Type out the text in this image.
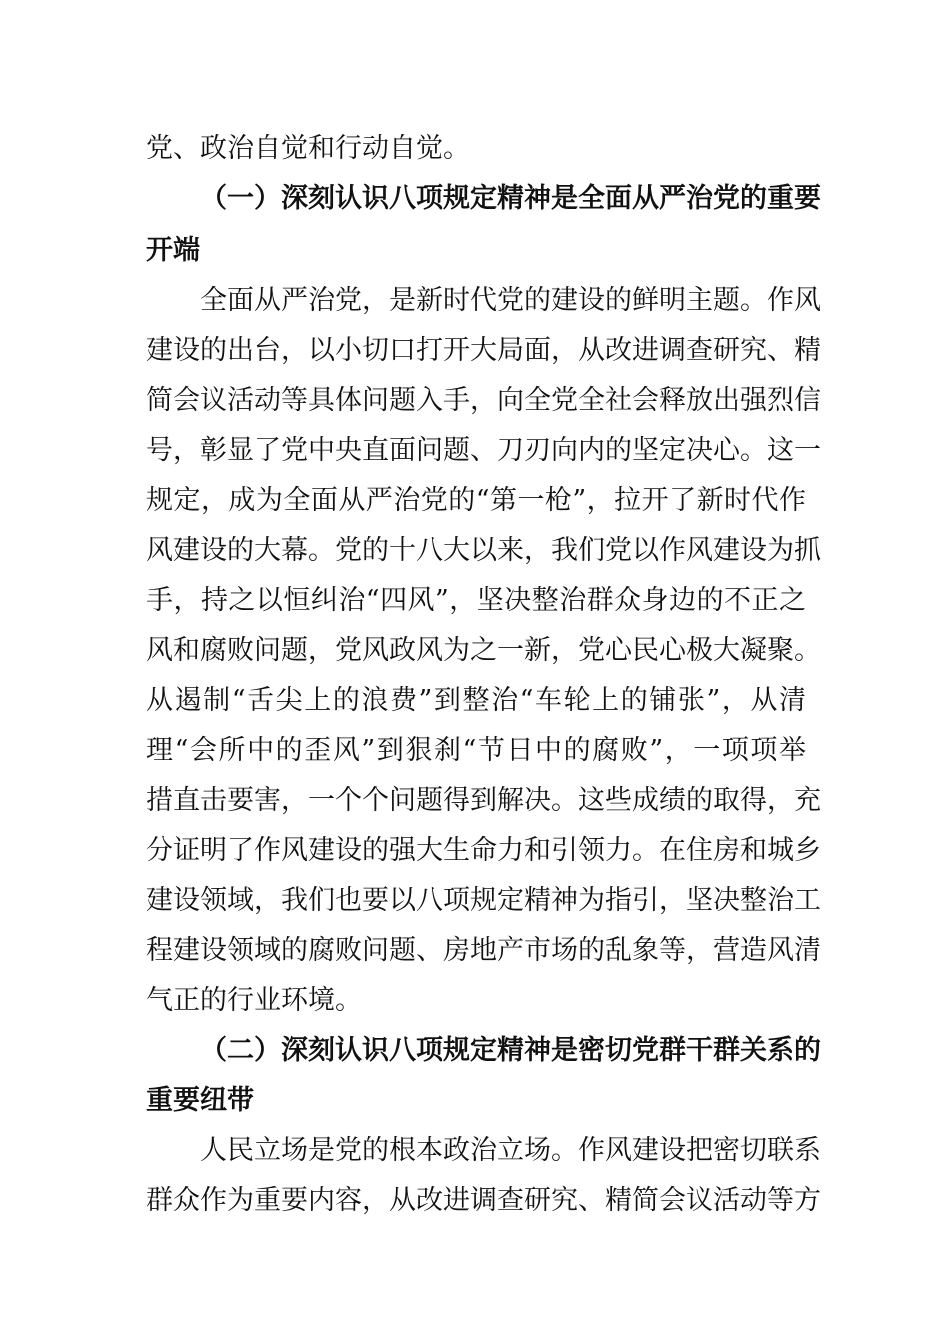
党、政治自觉和行动自觉。
（一）深刻认识八项规定精神是全面从严治党的重要
开端
全面从严治党，是新时代党的建设的鲜明主题。作风
建设的出台，以小切口打开大局面，从改进调查研究、精
简会议活动等具体问题入手，向全党全社会释放出强烈信
号，彰显了党中央直面问题、刀刃向内的坚定决心。这一
规定，成为全面从严治党的“第一枪”，拉开了新时代作
风建设的大幕。党的十八大以来，我们党以作风建设为抓
手，持之以恒纠治“四风”，坚决整治群众身边的不正之
风和腐败问题，党风政风为之一新，党心民心极大凝聚。
从遏制“舌尖上的浪费”到整治“车轮上的铺张”，从清
理“会所中的歪风”到狠刹“节日中的腐败”，一项项举
措直击要害，一个个问题得到解决。这些成绩的取得，充
分证明了作风建设的强大生命力和引领力。在住房和城乡
建设领域，我们也要以八项规定精神为指引，坚决整治工
程建设领域的腐败问题、房地产市场的乱象等，营造风清
气正的行业环境。
（二）深刻认识八项规定精神是密切党群干群关系的
重要纽带
人民立场是党的根本政治立场。作风建设把密切联系
群众作为重要内容，从改进调查研究、精简会议活动等方
